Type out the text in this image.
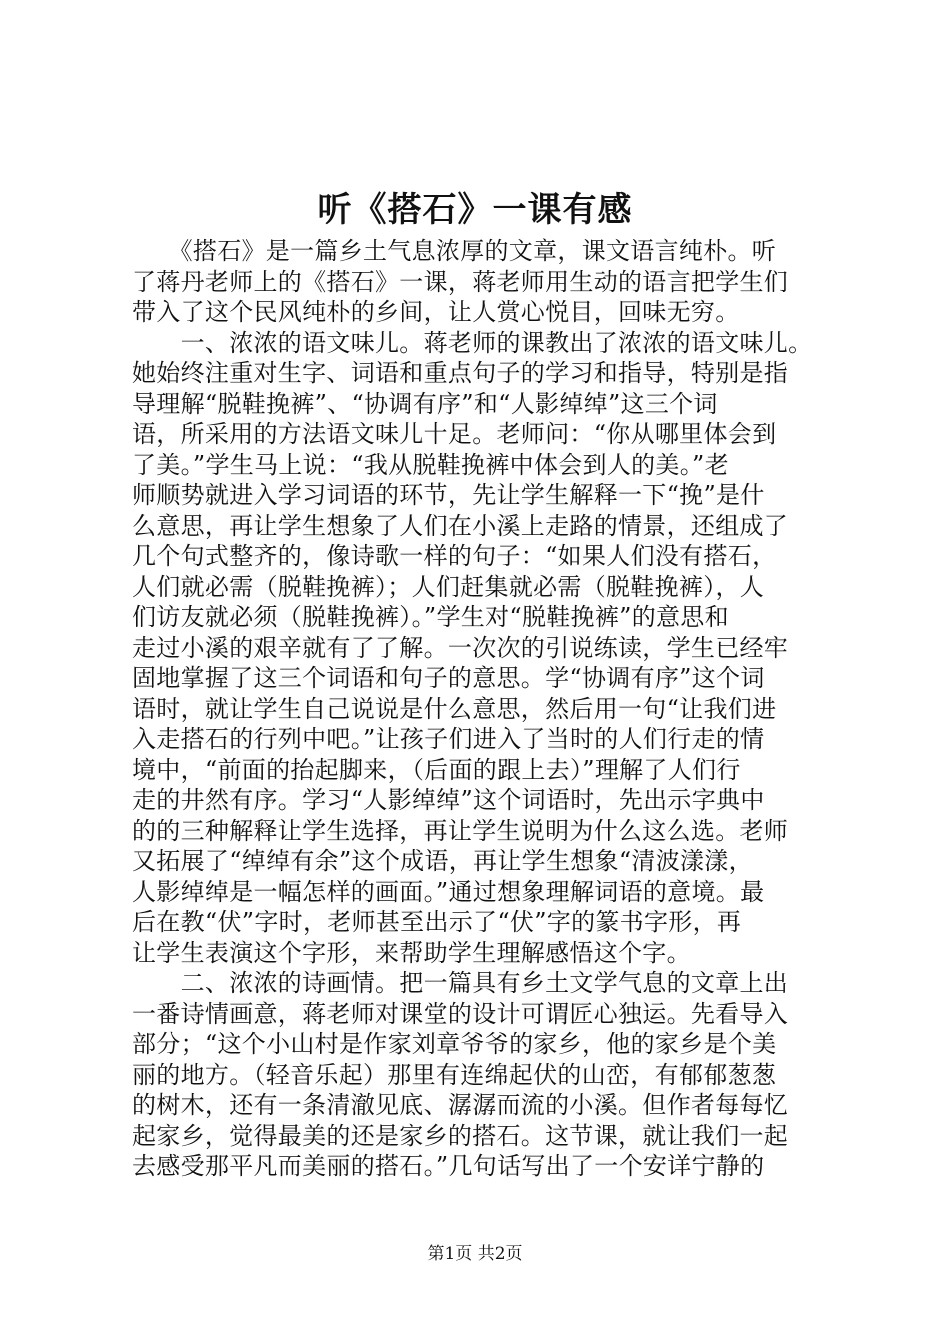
听《搭石》一课有感
　　《搭石》是一篇乡土气息浓厚的文章，课文语言纯朴。听
了蒋丹老师上的《搭石》一课，蒋老师用生动的语言把学生们
带入了这个民风纯朴的乡间，让人赏心悦目，回味无穷。
　　一、浓浓的语文味儿。蒋老师的课教出了浓浓的语文味儿。
她始终注重对生字、词语和重点句子的学习和指导，特别是指
导理解“脱鞋挽裤”、“协调有序”和“人影绰绰”这三个词
语，所采用的方法语文味儿十足。老师问：“你从哪里体会到
了美。”学生马上说：“我从脱鞋挽裤中体会到人的美。”老
师顺势就进入学习词语的环节，先让学生解释一下“挽”是什
么意思，再让学生想象了人们在小溪上走路的情景，还组成了
几个句式整齐的，像诗歌一样的句子：“如果人们没有搭石，
人们就必需（脱鞋挽裤）；人们赶集就必需（脱鞋挽裤），人
们访友就必须（脱鞋挽裤）。”学生对“脱鞋挽裤”的意思和
走过小溪的艰辛就有了了解。一次次的引说练读，学生已经牢
固地掌握了这三个词语和句子的意思。学“协调有序”这个词
语时，就让学生自己说说是什么意思，然后用一句“让我们进
入走搭石的行列中吧。”让孩子们进入了当时的人们行走的情
境中，“前面的抬起脚来，（后面的跟上去）”理解了人们行
走的井然有序。学习“人影绰绰”这个词语时，先出示字典中
的的三种解释让学生选择，再让学生说明为什么这么选。老师
又拓展了“绰绰有余”这个成语，再让学生想象“清波漾漾，
人影绰绰是一幅怎样的画面。”通过想象理解词语的意境。最
后在教“伏”字时，老师甚至出示了“伏”字的篆书字形，再
让学生表演这个字形，来帮助学生理解感悟这个字。
　　二、浓浓的诗画情。把一篇具有乡土文学气息的文章上出
一番诗情画意，蒋老师对课堂的设计可谓匠心独运。先看导入
部分；“这个小山村是作家刘章爷爷的家乡，他的家乡是个美
丽的地方。（轻音乐起）那里有连绵起伏的山峦，有郁郁葱葱
的树木，还有一条清澈见底、潺潺而流的小溪。但作者每每忆
起家乡，觉得最美的还是家乡的搭石。这节课，就让我们一起
去感受那平凡而美丽的搭石。”几句话写出了一个安详宁静的

第1页 共2页
